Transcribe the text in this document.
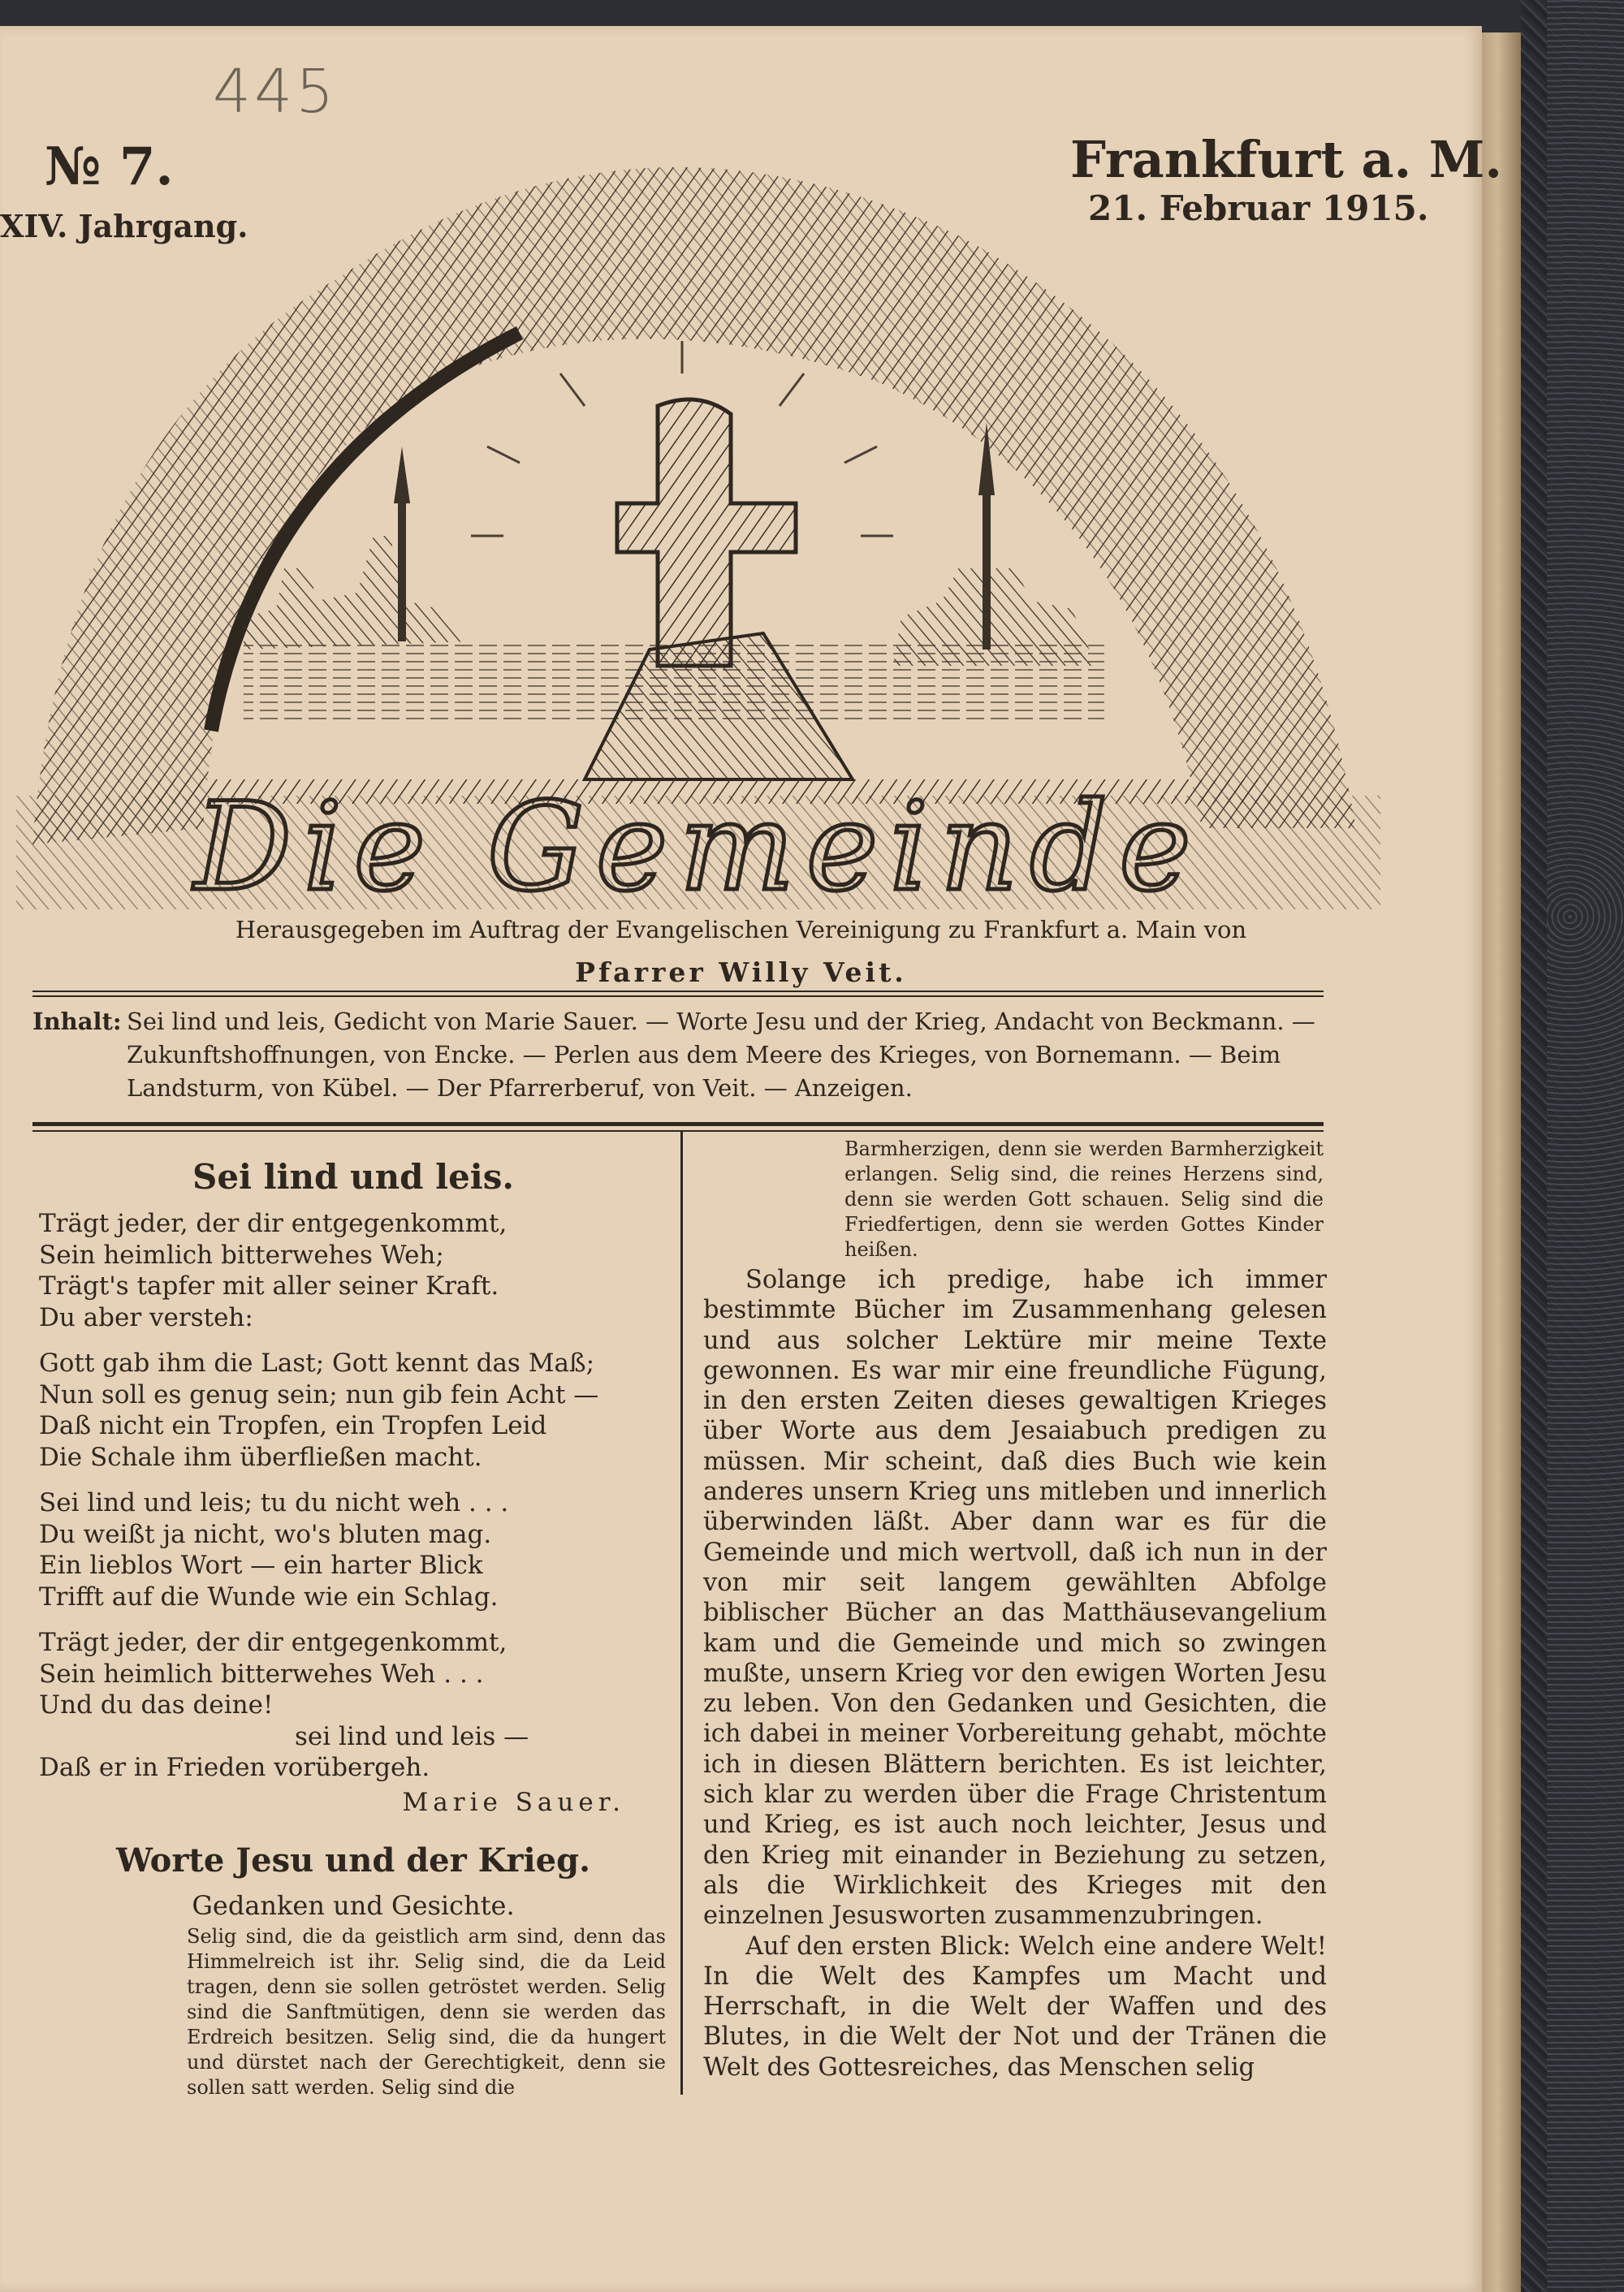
445
№ 7.
XIV. Jahrgang.
Frankfurt a. M.
21. Februar 1915.
Die Gemeinde
Herausgegeben im Auftrag der Evangelischen Vereinigung zu Frankfurt a. Main von
Pfarrer Willy Veit.
Inhalt: Sei lind und leis, Gedicht von Marie Sauer. — Worte Jesu und der Krieg, Andacht von Beckmann. — Zukunftshoffnungen, von Encke. — Perlen aus dem Meere des Krieges, von Bornemann. — Beim Landsturm, von Kübel. — Der Pfarrerberuf, von Veit. — Anzeigen.
Sei lind und leis.

Trägt jeder, der dir entgegenkommt,

Sein heimlich bitterwehes Weh;

Trägt's tapfer mit aller seiner Kraft.

Du aber versteh:

Gott gab ihm die Last; Gott kennt das Maß;

Nun soll es genug sein; nun gib fein Acht —

Daß nicht ein Tropfen, ein Tropfen Leid

Die Schale ihm überfließen macht.

Sei lind und leis; tu du nicht weh . . .

Du weißt ja nicht, wo's bluten mag.

Ein lieblos Wort — ein harter Blick

Trifft auf die Wunde wie ein Schlag.

Trägt jeder, der dir entgegenkommt,

Sein heimlich bitterwehes Weh . . .

Und du das deine!

sei lind und leis —

Daß er in Frieden vorübergeh.

Marie Sauer.

Worte Jesu und der Krieg.
Gedanken und Gesichte.
Selig sind, die da geistlich arm sind, denn das Himmelreich ist ihr. Selig sind, die da Leid tragen, denn sie sollen getröstet werden. Selig sind die Sanftmütigen, denn sie werden das Erdreich besitzen. Selig sind, die da hungert und dürstet nach der Gerechtigkeit, denn sie sollen satt werden. Selig sind die
Barmherzigen, denn sie werden Barmherzigkeit erlangen. Selig sind, die reines Herzens sind, denn sie werden Gott schauen. Selig sind die Friedfertigen, denn sie werden Gottes Kinder heißen.

Solange ich predige, habe ich immer bestimmte Bücher im Zusammenhang gelesen und aus solcher Lektüre mir meine Texte gewonnen. Es war mir eine freundliche Fügung, in den ersten Zeiten dieses gewaltigen Krieges über Worte aus dem Jesaiabuch predigen zu müssen. Mir scheint, daß dies Buch wie kein anderes unsern Krieg uns mitleben und innerlich überwinden läßt. Aber dann war es für die Gemeinde und mich wertvoll, daß ich nun in der von mir seit langem gewählten Abfolge biblischer Bücher an das Matthäusevangelium kam und die Gemeinde und mich so zwingen mußte, unsern Krieg vor den ewigen Worten Jesu zu leben. Von den Gedanken und Gesichten, die ich dabei in meiner Vorbereitung gehabt, möchte ich in diesen Blättern berichten. Es ist leichter, sich klar zu werden über die Frage Christentum und Krieg, es ist auch noch leichter, Jesus und den Krieg mit einander in Beziehung zu setzen, als die Wirklichkeit des Krieges mit den einzelnen Jesusworten zusammenzubringen.

Auf den ersten Blick: Welch eine andere Welt! In die Welt des Kampfes um Macht und Herrschaft, in die Welt der Waffen und des Blutes, in die Welt der Not und der Tränen die Welt des Gottesreiches, das Menschen selig
